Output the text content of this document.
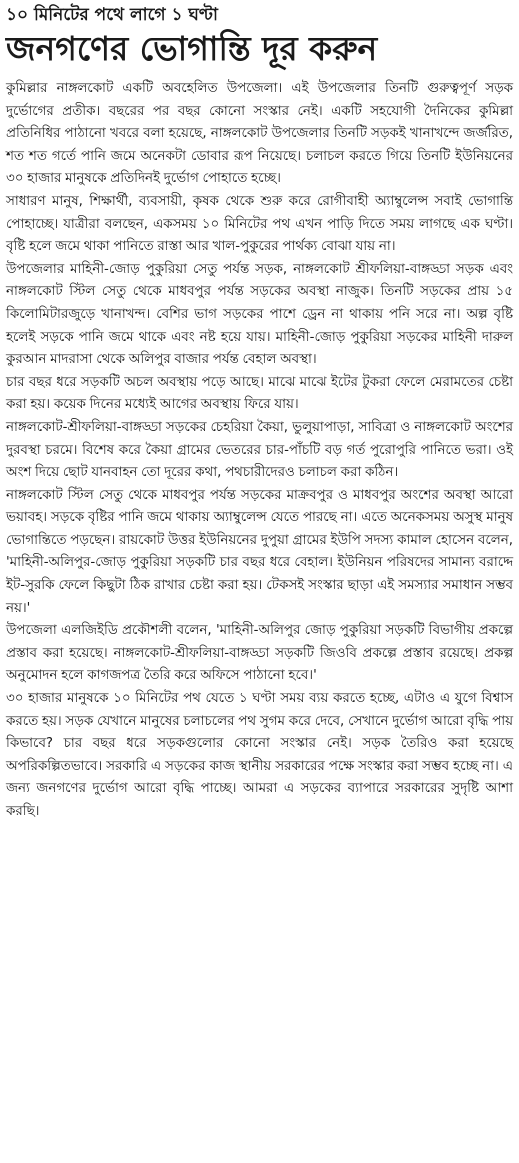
১০ মিনিটের পথে লাগে ১ ঘণ্টা
জনগণের ভোগান্তি দূর করুন

কুমিল্লার নাঙ্গলকোট একটি অবহেলিত উপজেলা। এই উপজেলার তিনটি গুরুত্বপূর্ণ সড়ক দুর্ভোগের প্রতীক। বছরের পর বছর কোনো সংস্কার নেই। একটি সহযোগী দৈনিকের কুমিল্লা প্রতিনিধির পাঠানো খবরে বলা হয়েছে, নাঙ্গলকোট উপজেলার তিনটি সড়কই খানাখন্দে জর্জরিত, শত শত গর্তে পানি জমে অনেকটা ডোবার রূপ নিয়েছে। চলাচল করতে গিয়ে তিনটি ইউনিয়নের ৩০ হাজার মানুষকে প্রতিদিনই দুর্ভোগ পোহাতে হচ্ছে।

সাধারণ মানুষ, শিক্ষার্থী, ব্যবসায়ী, কৃষক থেকে শুরু করে রোগীবাহী অ্যাম্বুলেন্স সবাই ভোগান্তি পোহাচ্ছে। যাত্রীরা বলছেন, একসময় ১০ মিনিটের পথ এখন পাড়ি দিতে সময় লাগছে এক ঘণ্টা। বৃষ্টি হলে জমে থাকা পানিতে রাস্তা আর খাল-পুকুরের পার্থক্য বোঝা যায় না।

উপজেলার মাহিনী-জোড় পুকুরিয়া সেতু পর্যন্ত সড়ক, নাঙ্গলকোট শ্রীফলিয়া-বাঙ্গড্ডা সড়ক এবং নাঙ্গলকোট স্টিল সেতু থেকে মাধবপুর পর্যন্ত সড়কের অবস্থা নাজুক। তিনটি সড়কের প্রায় ১৫ কিলোমিটারজুড়ে খানাখন্দ। বেশির ভাগ সড়কের পাশে ড্রেন না থাকায় পনি সরে না। অল্প বৃষ্টি হলেই সড়কে পানি জমে থাকে এবং নষ্ট হয়ে যায়। মাহিনী-জোড় পুকুরিয়া সড়কের মাহিনী দারুল কুরআন মাদরাসা থেকে অলিপুর বাজার পর্যন্ত বেহাল অবস্থা।

চার বছর ধরে সড়কটি অচল অবস্থায় পড়ে আছে। মাঝে মাঝে ইটের টুকরা ফেলে মেরামতের চেষ্টা করা হয়। কয়েক দিনের মধ্যেই আগের অবস্থায় ফিরে যায়।

নাঙ্গলকোট-শ্রীফলিয়া-বাঙ্গড্ডা সড়কের চেহরিয়া কৈয়া, ভুলুয়াপাড়া, সাবিত্রা ও নাঙ্গলকোট অংশের দুরবস্থা চরমে। বিশেষ করে কৈয়া গ্রামের ভেতরের চার-পাঁচটি বড় গর্ত পুরোপুরি পানিতে ভরা। ওই অংশ দিয়ে ছোট যানবাহন তো দূরের কথা, পথচারীদেরও চলাচল করা কঠিন।

নাঙ্গলকোট স্টিল সেতু থেকে মাধবপুর পর্যন্ত সড়কের মাক্রবপুর ও মাধবপুর অংশের অবস্থা আরো ভয়াবহ। সড়কে বৃষ্টির পানি জমে থাকায় অ্যাম্বুলেন্স যেতে পারছে না। এতে অনেকসময় অসুস্থ মানুষ ভোগান্তিতে পড়ছেন। রায়কোট উত্তর ইউনিয়নের দুপুয়া গ্রামের ইউপি সদস্য কামাল হোসেন বলেন, 'মাহিনী-অলিপুর-জোড় পুকুরিয়া সড়কটি চার বছর ধরে বেহাল। ইউনিয়ন পরিষদের সামান্য বরাদ্দে ইট-সুরকি ফেলে কিছুটা ঠিক রাখার চেষ্টা করা হয়। টেকসই সংস্কার ছাড়া এই সমস্যার সমাধান সম্ভব নয়।'

উপজেলা এলজিইডি প্রকৌশলী বলেন, 'মাহিনী-অলিপুর জোড় পুকুরিয়া সড়কটি বিভাগীয় প্রকল্পে প্রস্তাব করা হয়েছে। নাঙ্গলকোট-শ্রীফলিয়া-বাঙ্গড্ডা সড়কটি জিওবি প্রকল্পে প্রস্তাব রয়েছে। প্রকল্প অনুমোদন হলে কাগজপত্র তৈরি করে অফিসে পাঠানো হবে।'

৩০ হাজার মানুষকে ১০ মিনিটের পথ যেতে ১ ঘণ্টা সময় ব্যয় করতে হচ্ছে, এটাও এ যুগে বিশ্বাস করতে হয়। সড়ক যেখানে মানুষের চলাচলের পথ সুগম করে দেবে, সেখানে দুর্ভোগ আরো বৃদ্ধি পায় কিভাবে? চার বছর ধরে সড়কগুলোর কোনো সংস্কার নেই। সড়ক তৈরিও করা হয়েছে অপরিকল্পিতভাবে। সরকারি এ সড়কের কাজ স্থানীয় সরকারের পক্ষে সংস্কার করা সম্ভব হচ্ছে না। এ জন্য জনগণের দুর্ভোগ আরো বৃদ্ধি পাচ্ছে। আমরা এ সড়কের ব্যাপারে সরকারের সুদৃষ্টি আশা করছি।
